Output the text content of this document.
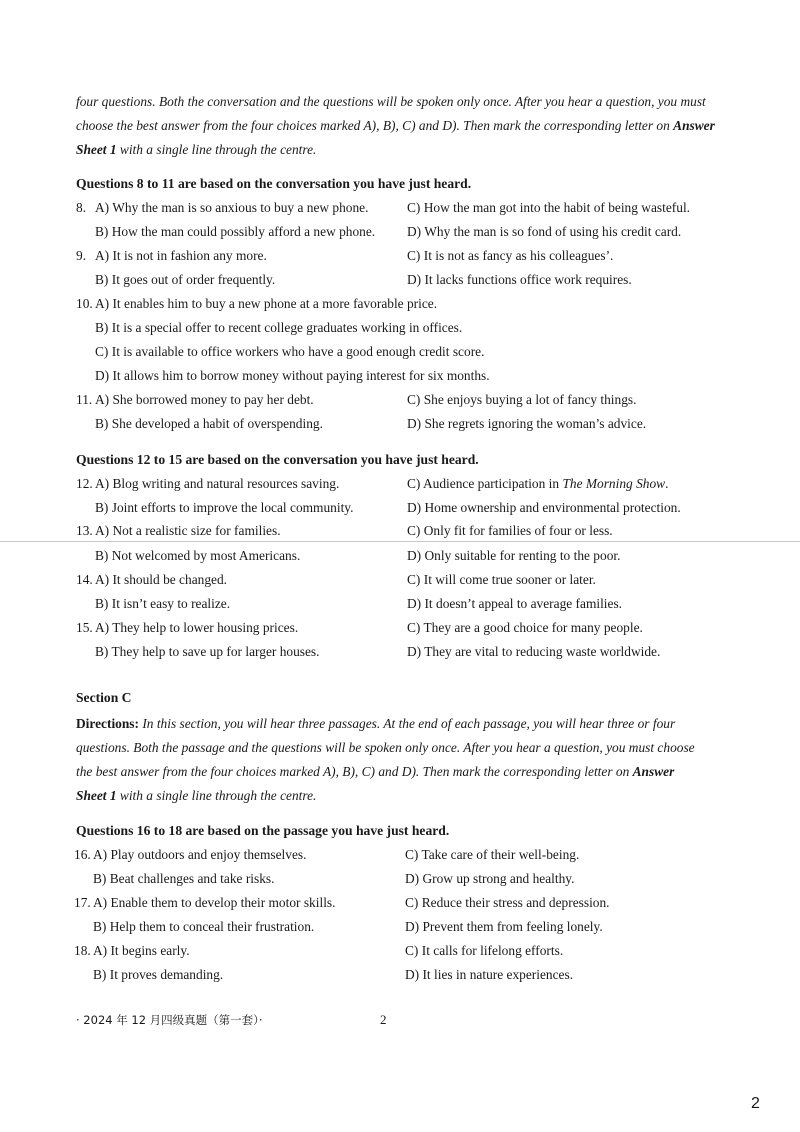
four questions. Both the conversation and the questions will be spoken only once. After you hear a question, you must choose the best answer from the four choices marked A), B), C) and D). Then mark the corresponding letter on Answer Sheet 1 with a single line through the centre.
Questions 8 to 11 are based on the conversation you have just heard.
8. A) Why the man is so anxious to buy a new phone.	C) How the man got into the habit of being wasteful.
B) How the man could possibly afford a new phone. D) Why the man is so fond of using his credit card.
9. A) It is not in fashion any more.	C) It is not as fancy as his colleagues’.
B) It goes out of order frequently.	D) It lacks functions office work requires.
10. A) It enables him to buy a new phone at a more favorable price.
B) It is a special offer to recent college graduates working in offices.
C) It is available to office workers who have a good enough credit score.
D) It allows him to borrow money without paying interest for six months.
11. A) She borrowed money to pay her debt.	C) She enjoys buying a lot of fancy things.
B) She developed a habit of overspending.	D) She regrets ignoring the woman’s advice.
Questions 12 to 15 are based on the conversation you have just heard.
12. A) Blog writing and natural resources saving.	C) Audience participation in The Morning Show.
B) Joint efforts to improve the local community.	D) Home ownership and environmental protection.
13. A) Not a realistic size for families.	C) Only fit for families of four or less.
B) Not welcomed by most Americans.	D) Only suitable for renting to the poor.
14. A) It should be changed.	C) It will come true sooner or later.
B) It isn’t easy to realize.	D) It doesn’t appeal to average families.
15. A) They help to lower housing prices.	C) They are a good choice for many people.
B) They help to save up for larger houses.	D) They are vital to reducing waste worldwide.
Section C
Directions: In this section, you will hear three passages. At the end of each passage, you will hear three or four questions. Both the passage and the questions will be spoken only once. After you hear a question, you must choose the best answer from the four choices marked A), B), C) and D). Then mark the corresponding letter on Answer Sheet 1 with a single line through the centre.
Questions 16 to 18 are based on the passage you have just heard.
16. A) Play outdoors and enjoy themselves.	C) Take care of their well-being.
B) Beat challenges and take risks.	D) Grow up strong and healthy.
17. A) Enable them to develop their motor skills.	C) Reduce their stress and depression.
B) Help them to conceal their frustration.	D) Prevent them from feeling lonely.
18. A) It begins early.	C) It calls for lifelong efforts.
B) It proves demanding.	D) It lies in nature experiences.
· 2024 年 12 月四级真题（第一套）·	2
2
